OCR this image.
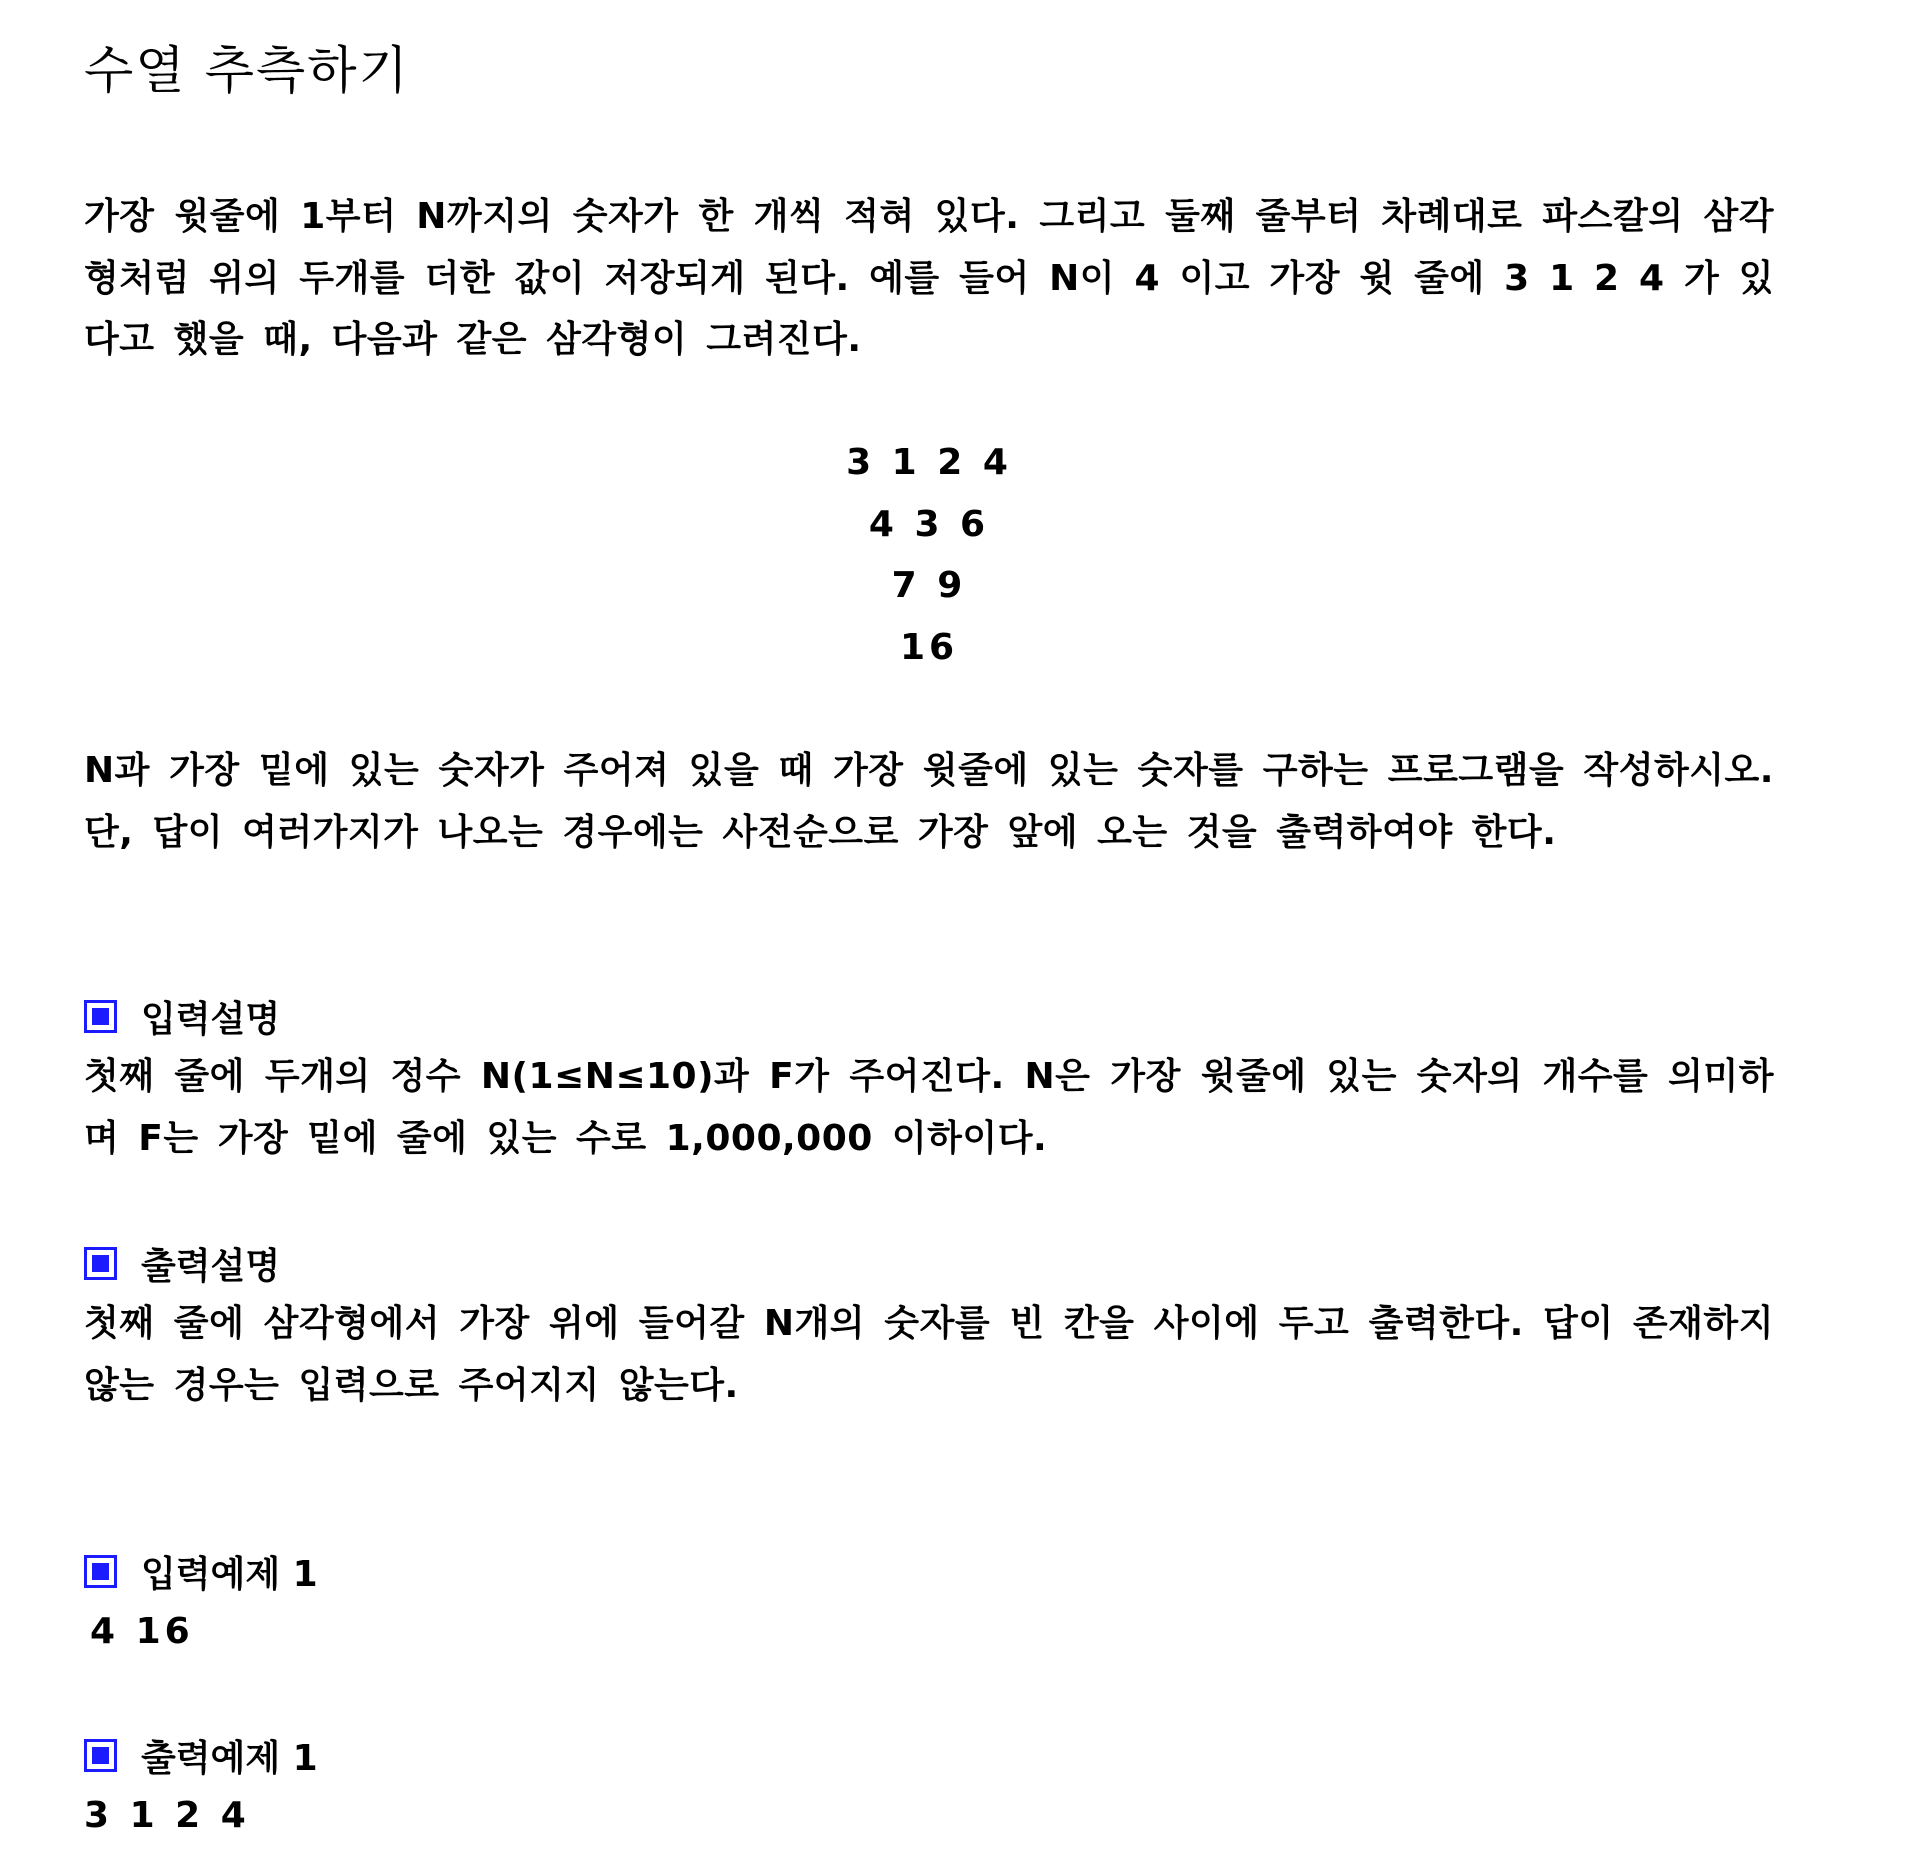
수열 추측하기

가장 윗줄에 1부터 N까지의 숫자가 한 개씩 적혀 있다. 그리고 둘째 줄부터 차례대로 파스칼의 삼각형처럼 위의 두개를 더한 값이 저장되게 된다. 예를 들어 N이 4 이고 가장 윗 줄에 3 1 2 4 가 있다고 했을 때, 다음과 같은 삼각형이 그려진다.

3 1 2 4
4 3 6
7 9
16

N과 가장 밑에 있는 숫자가 주어져 있을 때 가장 윗줄에 있는 숫자를 구하는 프로그램을 작성하시오. 단, 답이 여러가지가 나오는 경우에는 사전순으로 가장 앞에 오는 것을 출력하여야 한다.

입력설명

첫째 줄에 두개의 정수 N(1≤N≤10)과 F가 주어진다. N은 가장 윗줄에 있는 숫자의 개수를 의미하며 F는 가장 밑에 줄에 있는 수로 1,000,000 이하이다.

출력설명

첫째 줄에 삼각형에서 가장 위에 들어갈 N개의 숫자를 빈 칸을 사이에 두고 출력한다. 답이 존재하지 않는 경우는 입력으로 주어지지 않는다.

입력예제 1
4 16
출력예제 1
3 1 2 4
